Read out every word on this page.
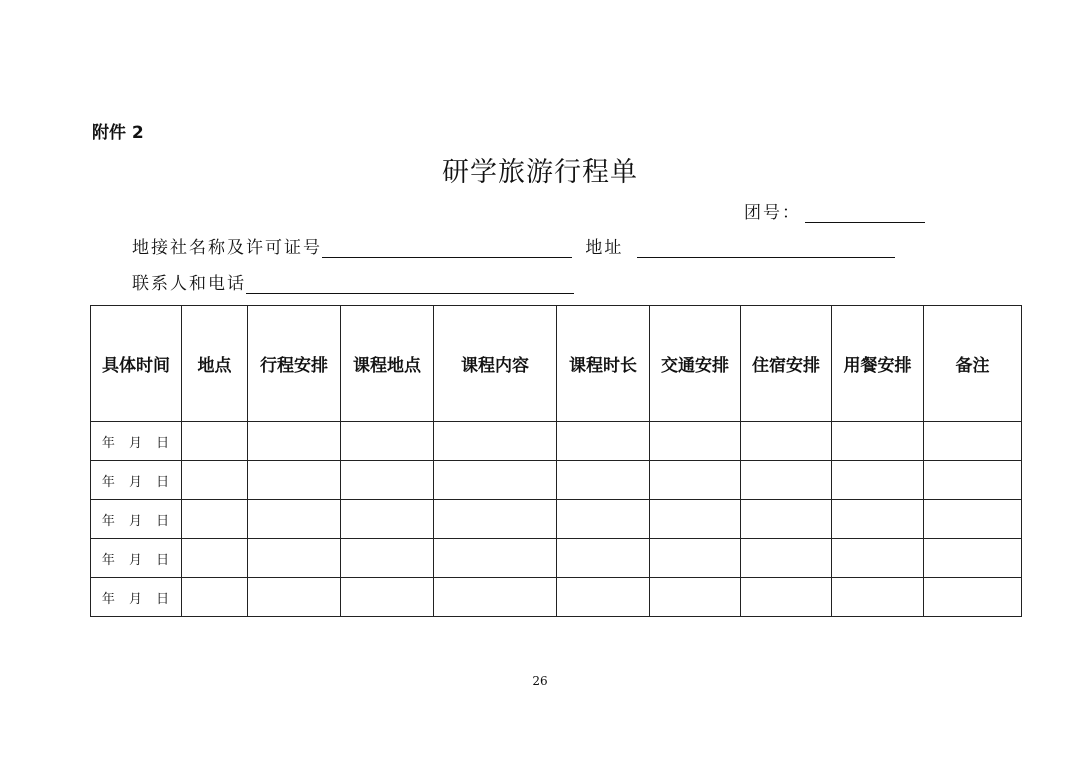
附件 2
研学旅游行程单
团号：
地接社名称及许可证号	地址
联系人和电话
具体时间	地点	行程安排	课程地点	课程内容	课程时长	交通安排	住宿安排	用餐安排	备注
年 月 日									
年 月 日									
年 月 日									
年 月 日									
年 月 日									
26
